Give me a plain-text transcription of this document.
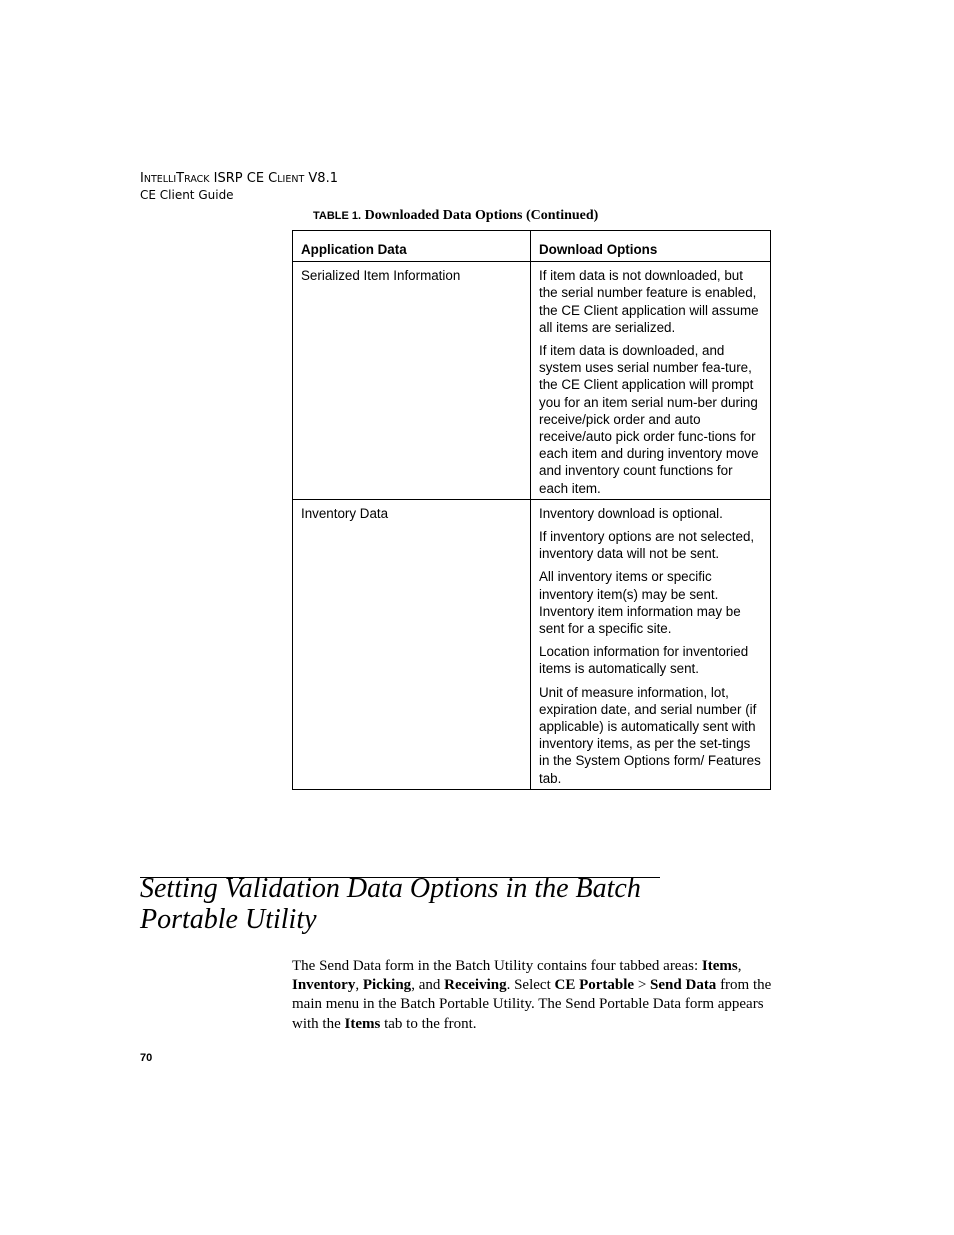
INTELLITRACK ISRP CE CLIENT V8.1
CE Client Guide
TABLE 1. Downloaded Data Options (Continued)
Application Data	Download Options
Serialized Item Information	If item data is not downloaded, but the serial number feature is enabled, the CE Client application will assume all items are serialized.

If item data is downloaded, and system uses serial number fea-ture, the CE Client application will prompt you for an item serial num-ber during receive/pick order and auto receive/auto pick order func-tions for each item and during inventory move and inventory count functions for each item.

Inventory Data	Inventory download is optional.

If inventory options are not selected, inventory data will not be sent.

All inventory items or specific inventory item(s) may be sent. Inventory item information may be sent for a specific site.

Location information for inventoried items is automatically sent.

Unit of measure information, lot, expiration date, and serial number (if applicable) is automatically sent with inventory items, as per the set-tings in the System Options form/ Features tab.

Setting Validation Data Options in the Batch Portable Utility

The Send Data form in the Batch Utility contains four tabbed areas: Items, Inventory, Picking, and Receiving. Select CE Portable > Send Data from the main menu in the Batch Portable Utility. The Send Portable Data form appears with the Items tab to the front.

70
